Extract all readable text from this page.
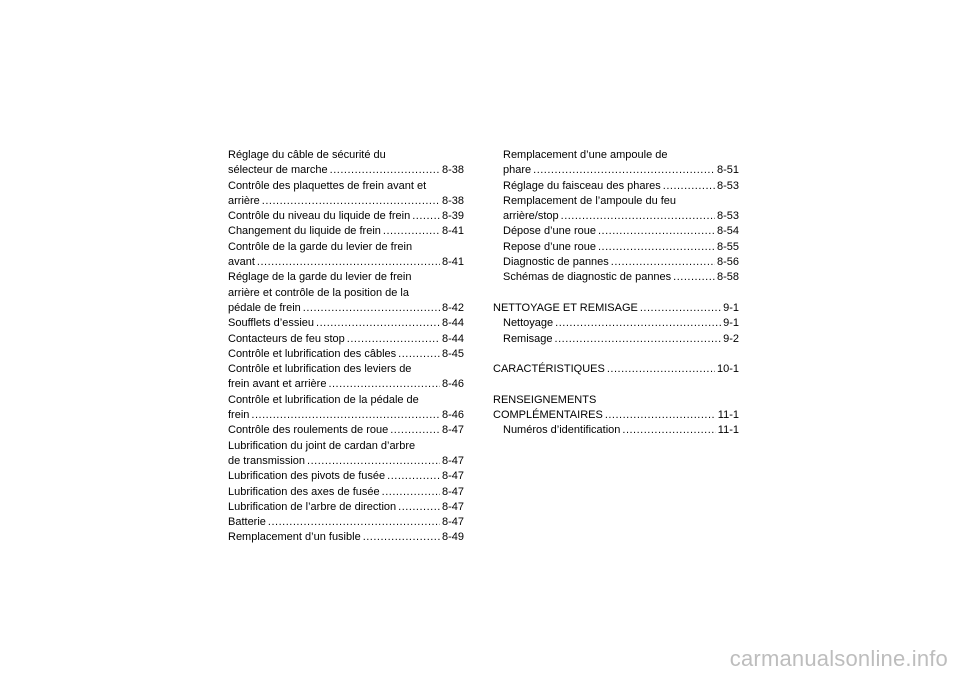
Réglage du câble de sécurité du
sélecteur de marche .....	8-38
Contrôle des plaquettes de frein avant et
arrière .....	8-38
Contrôle du niveau du liquide de frein .....	8-39
Changement du liquide de frein .....	8-41
Contrôle de la garde du levier de frein
avant .....	8-41
Réglage de la garde du levier de frein
arrière et contrôle de la position de la
pédale de frein .....	8-42
Soufflets d’essieu .....	8-44
Contacteurs de feu stop .....	8-44
Contrôle et lubrification des câbles .....	8-45
Contrôle et lubrification des leviers de
frein avant et arrière .....	8-46
Contrôle et lubrification de la pédale de
frein .....	8-46
Contrôle des roulements de roue .....	8-47
Lubrification du joint de cardan d’arbre
de transmission .....	8-47
Lubrification des pivots de fusée .....	8-47
Lubrification des axes de fusée .....	8-47
Lubrification de l’arbre de direction .....	8-47
Batterie .....	8-47
Remplacement d’un fusible .....	8-49
Remplacement d’une ampoule de
phare .....	8-51
Réglage du faisceau des phares .....	8-53
Remplacement de l’ampoule du feu
arrière/stop .....	8-53
Dépose d’une roue .....	8-54
Repose d’une roue .....	8-55
Diagnostic de pannes .....	8-56
Schémas de diagnostic de pannes .....	8-58
NETTOYAGE ET REMISAGE .....	9-1
Nettoyage .....	9-1
Remisage .....	9-2
CARACTÉRISTIQUES .....	10-1
RENSEIGNEMENTS
COMPLÉMENTAIRES .....	11-1
Numéros d’identification .....	11-1
carmanualsonline.info
